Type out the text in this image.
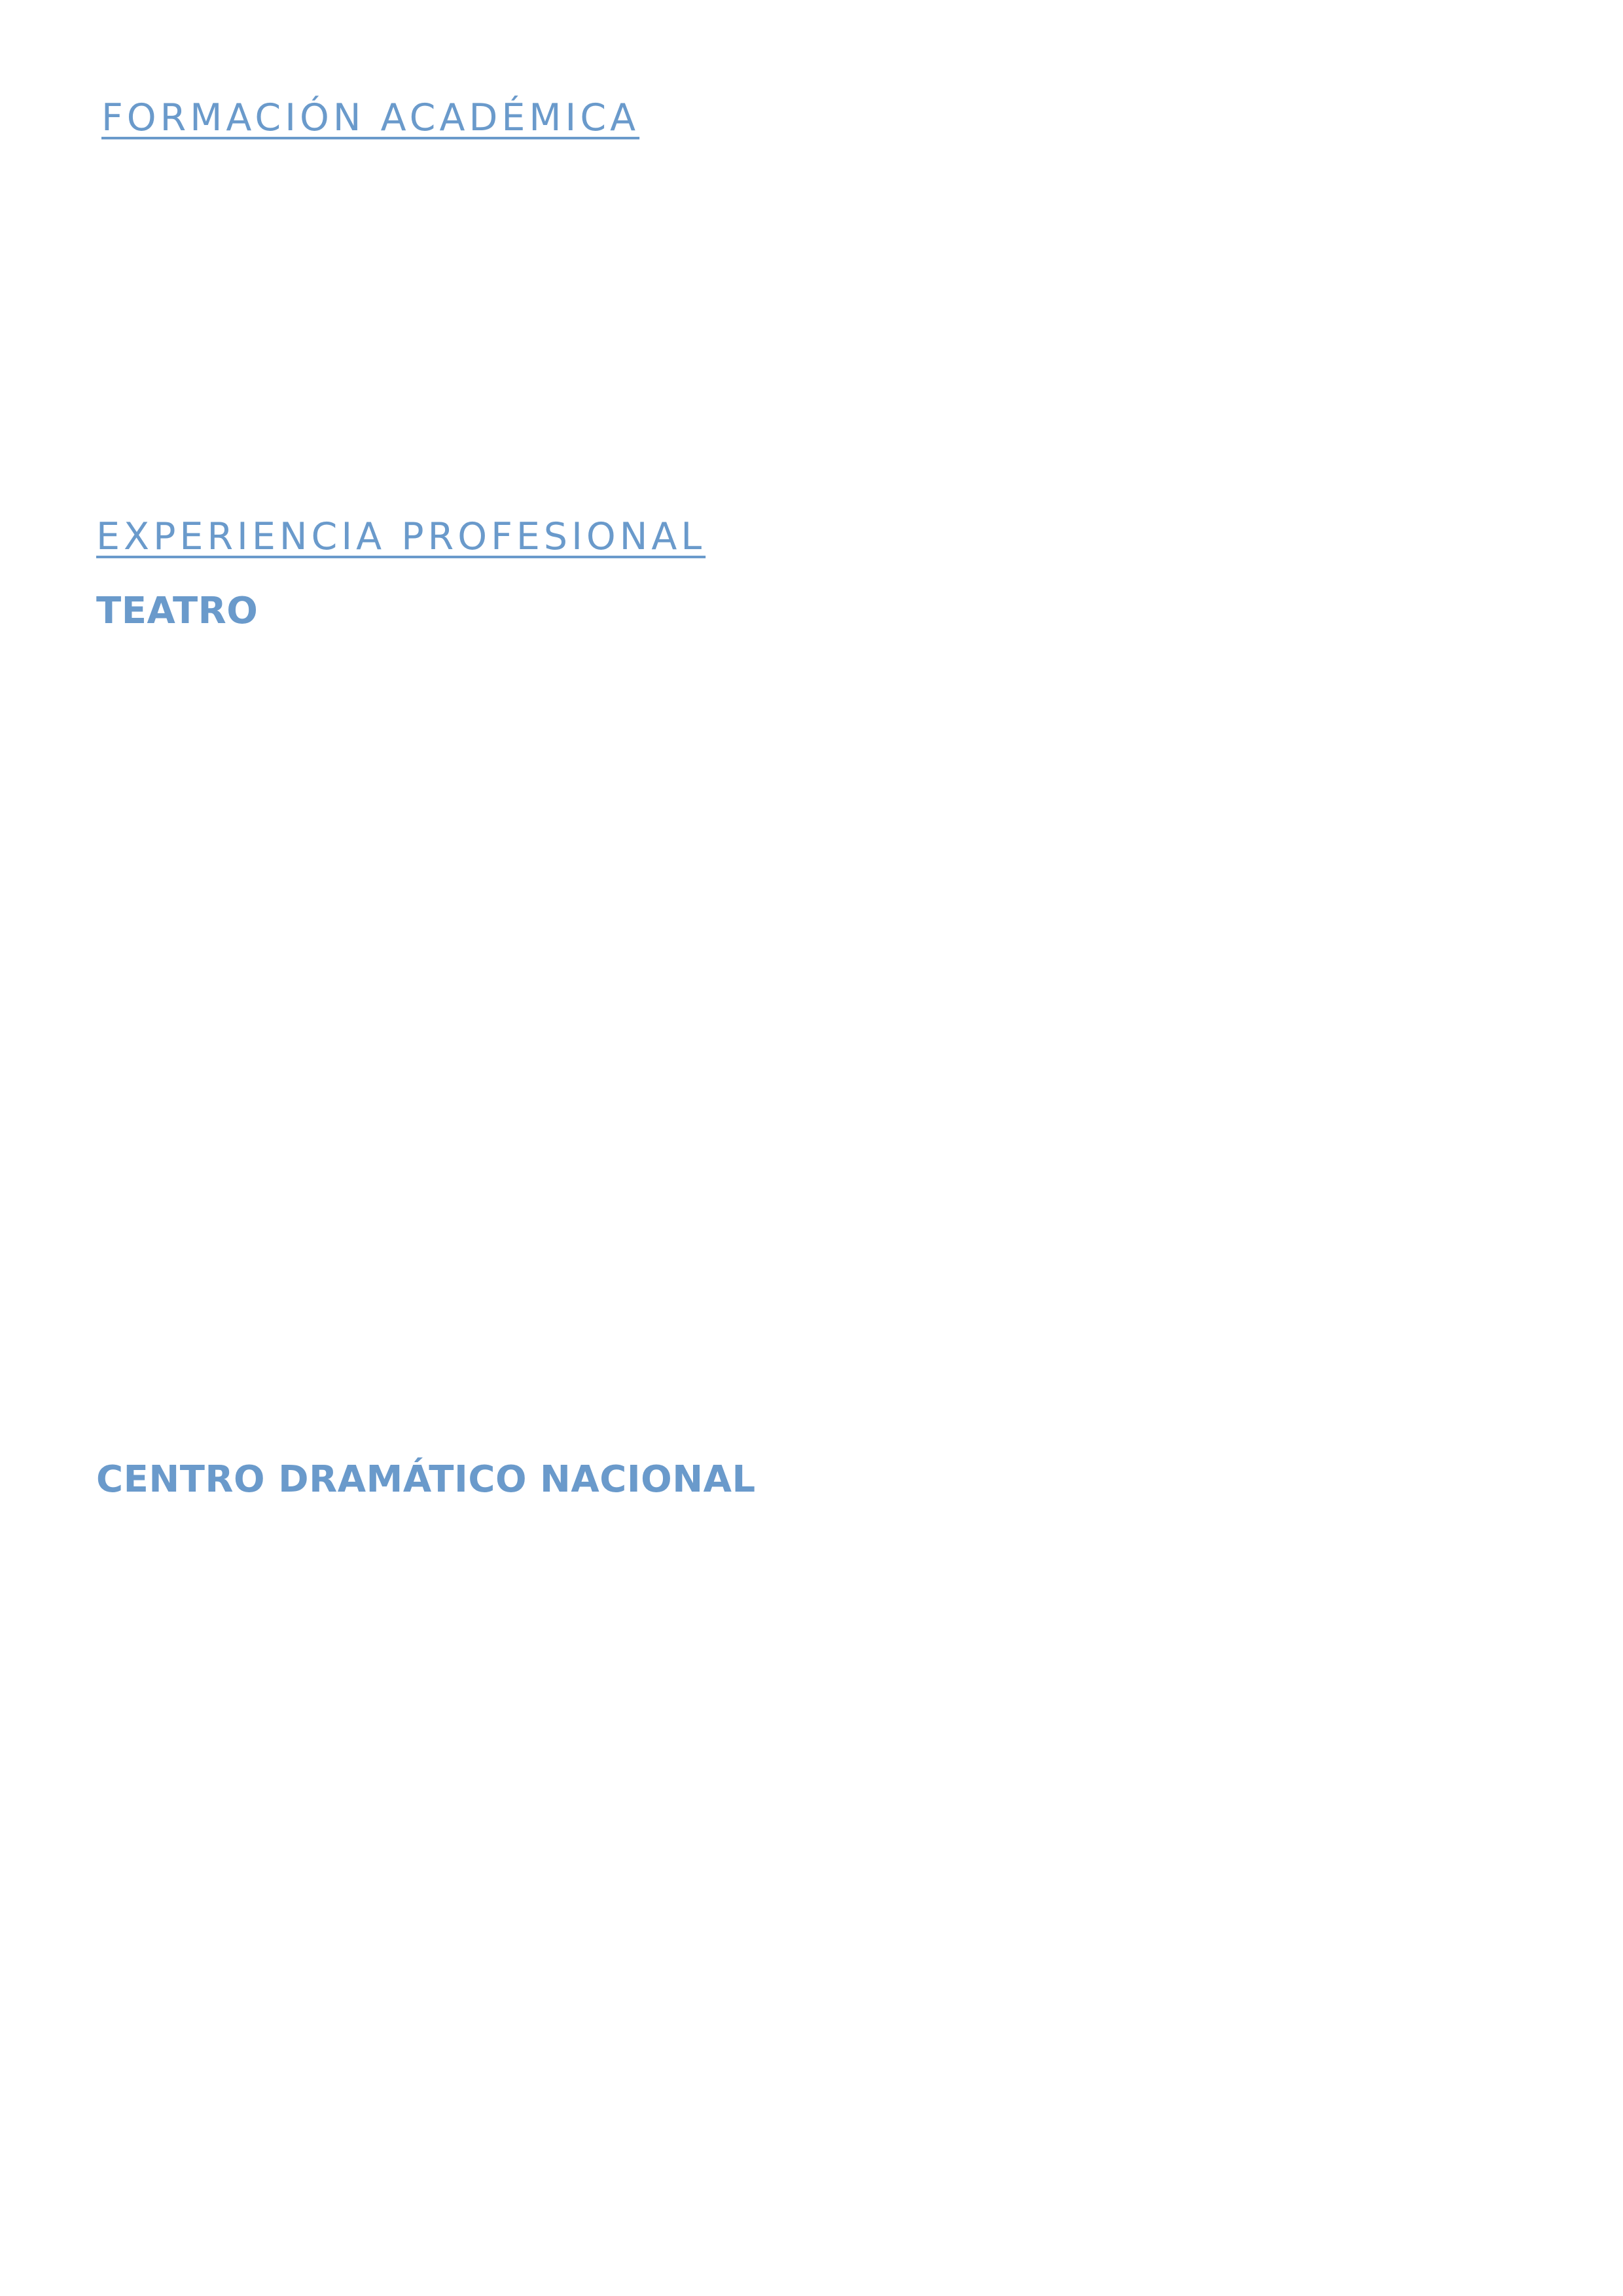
FORMACIÓN ACADÉMICA
EXPERIENCIA PROFESIONAL
TEATRO
CENTRO DRAMÁTICO NACIONAL
